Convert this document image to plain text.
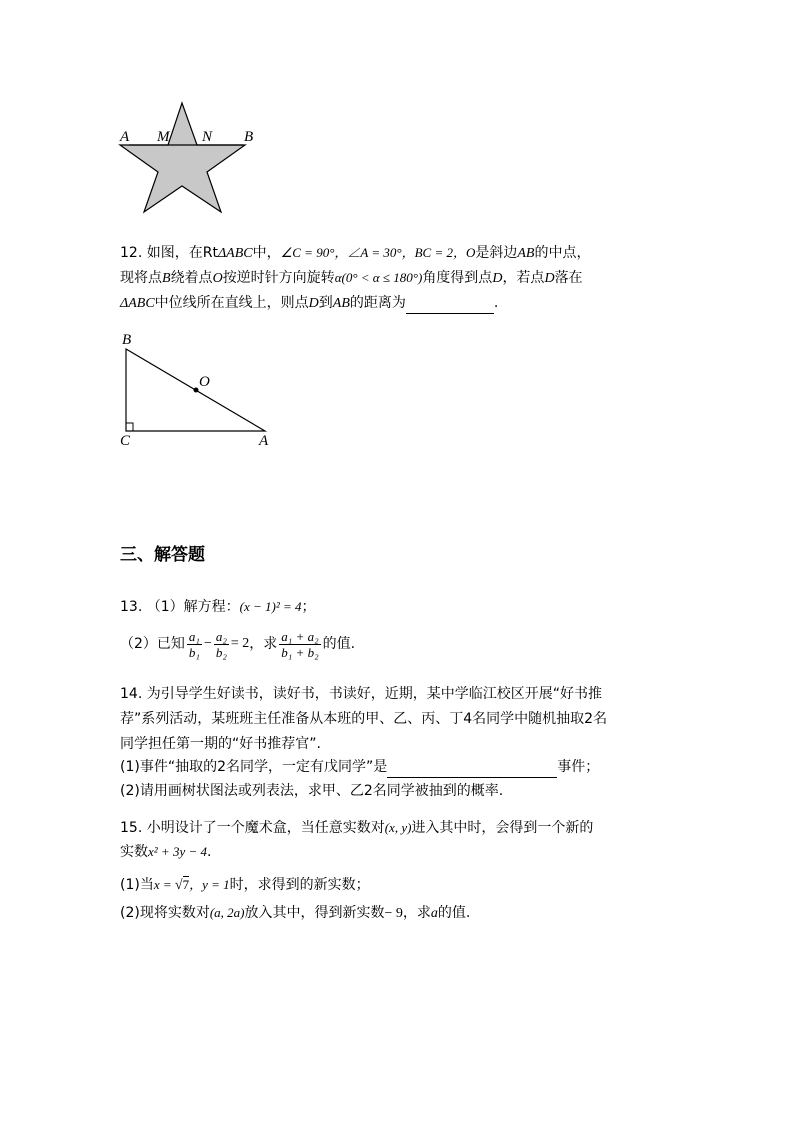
A M N B
12. 如图，在RtΔABC中，∠C = 90°，∠A = 30°，BC = 2，O是斜边AB的中点，
现将点B绕着点O按逆时针方向旋转α(0° < α ≤ 180°)角度得到点D，若点D落在
ΔABC中位线所在直线上，则点D到AB的距离为	.
B
O
C	A
三、解答题
13. （1）解方程：(x − 1)² = 4；
（2）已知 $\frac{\text{a₁}}{\text{b₁}} - \frac{\text{a₂}}{\text{b₂}} = 2$，求 $\frac{\text{a₁ + a₂}}{\text{b₁ + b₂}}$ 的值.
14. 为引导学生好读书，读好书，书读好，近期，某中学临江校区开展“好书推
荐”系列活动，某班班主任准备从本班的甲、乙、丙、丁4名同学中随机抽取2名
同学担任第一期的“好书推荐官”.
(1)事件“抽取的2名同学，一定有戊同学”是	事件；
(2)请用画树状图法或列表法，求甲、乙2名同学被抽到的概率.
15. 小明设计了一个魔术盒，当任意实数对(x, y)进入其中时，会得到一个新的
实数x² + 3y − 4.
(1)当x = √7，y = 1时，求得到的新实数；
(2)现将实数对(a, 2a)放入其中，得到新实数− 9，求a的值.
